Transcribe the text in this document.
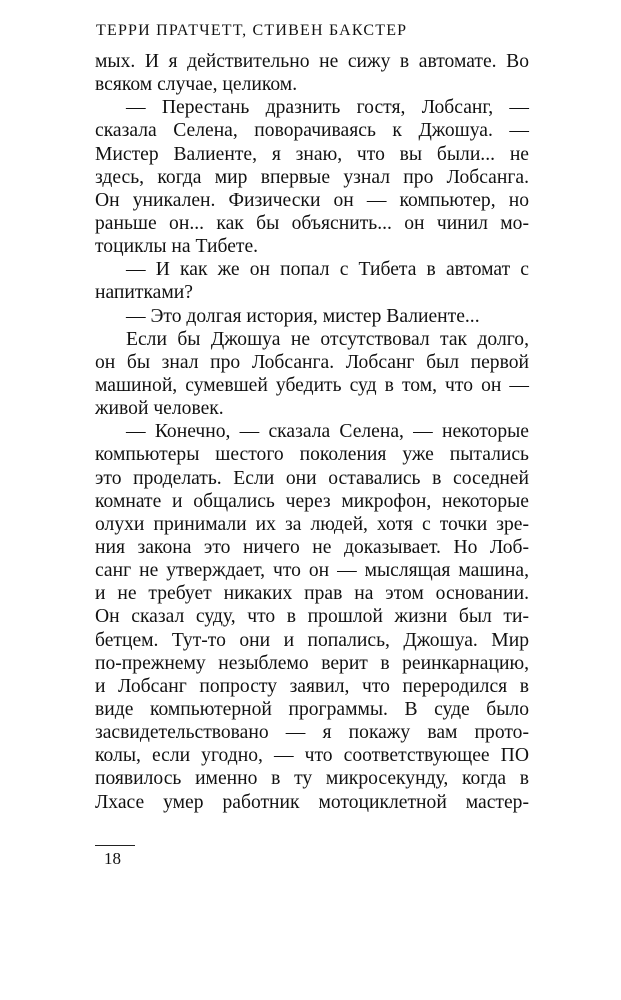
ТЕРРИ ПРАТЧЕТТ, СТИВЕН БАКСТЕР
мых. И я действительно не сижу в автомате. Во
всяком случае, целиком.
— Перестань дразнить гостя, Лобсанг, —
сказала Селена, поворачиваясь к Джошуа. —
Мистер Валиенте, я знаю, что вы были... не
здесь, когда мир впервые узнал про Лобсанга.
Он уникален. Физически он — компьютер, но
раньше он... как бы объяснить... он чинил мо-
тоциклы на Тибете.
— И как же он попал с Тибета в автомат с
напитками?
— Это долгая история, мистер Валиенте...
Если бы Джошуа не отсутствовал так долго,
он бы знал про Лобсанга. Лобсанг был первой
машиной, сумевшей убедить суд в том, что он —
живой человек.
— Конечно, — сказала Селена, — некоторые
компьютеры шестого поколения уже пытались
это проделать. Если они оставались в соседней
комнате и общались через микрофон, некоторые
олухи принимали их за людей, хотя с точки зре-
ния закона это ничего не доказывает. Но Лоб-
санг не утверждает, что он — мыслящая машина,
и не требует никаких прав на этом основании.
Он сказал суду, что в прошлой жизни был ти-
бетцем. Тут-то они и попались, Джошуа. Мир
по-прежнему незыблемо верит в реинкарнацию,
и Лобсанг попросту заявил, что переродился в
виде компьютерной программы. В суде было
засвидетельствовано — я покажу вам прото-
колы, если угодно, — что соответствующее ПО
появилось именно в ту микросекунду, когда в
Лхасе умер работник мотоциклетной мастер-
18
